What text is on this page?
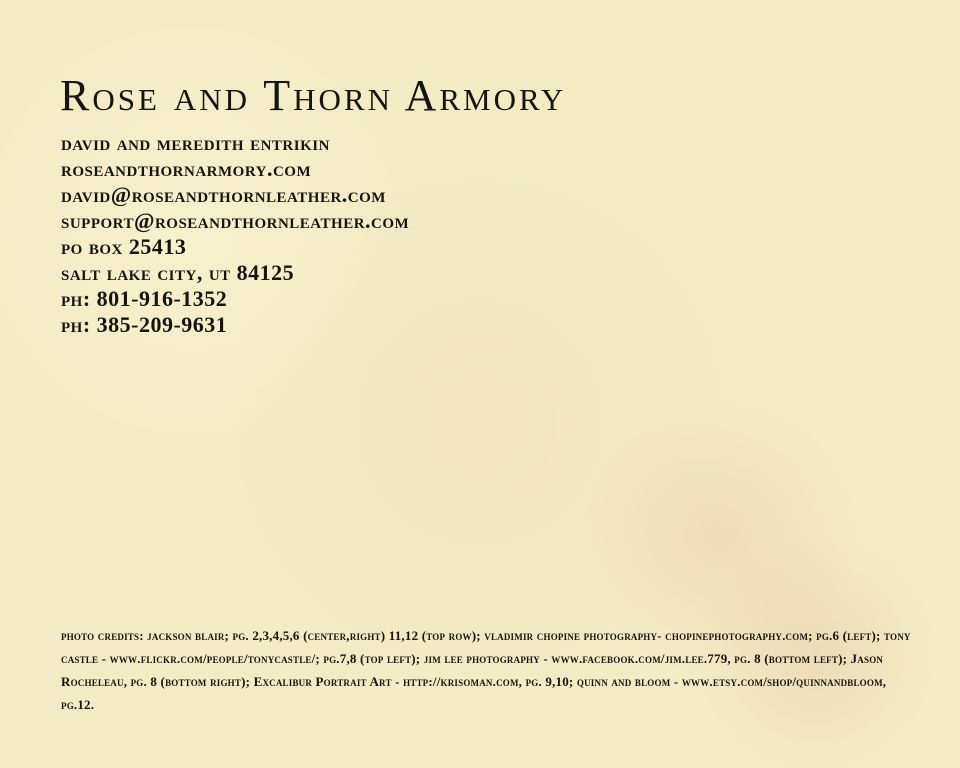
Rose and Thorn Armory
david and meredith entrikin
roseandthornarmory.com
david@roseandthornleather.com
support@roseandthornleather.com
po box 25413
salt lake city, ut 84125
ph: 801-916-1352
ph: 385-209-9631

photo credits: jackson blair; pg. 2,3,4,5,6 (center,right) 11,12 (top row); vladimir chopine photography- chopinephotography.com; pg.6 (left); tony castle - www.flickr.com/people/tonycastle/; pg.7,8 (top left); jim lee photography - www.facebook.com/jim.lee.779, pg. 8 (bottom left); Jason Rocheleau, pg. 8 (bottom right); Excalibur Portrait Art - http://krisoman.com, pg. 9,10; quinn and bloom - www.etsy.com/shop/quinnandbloom, pg.12.
